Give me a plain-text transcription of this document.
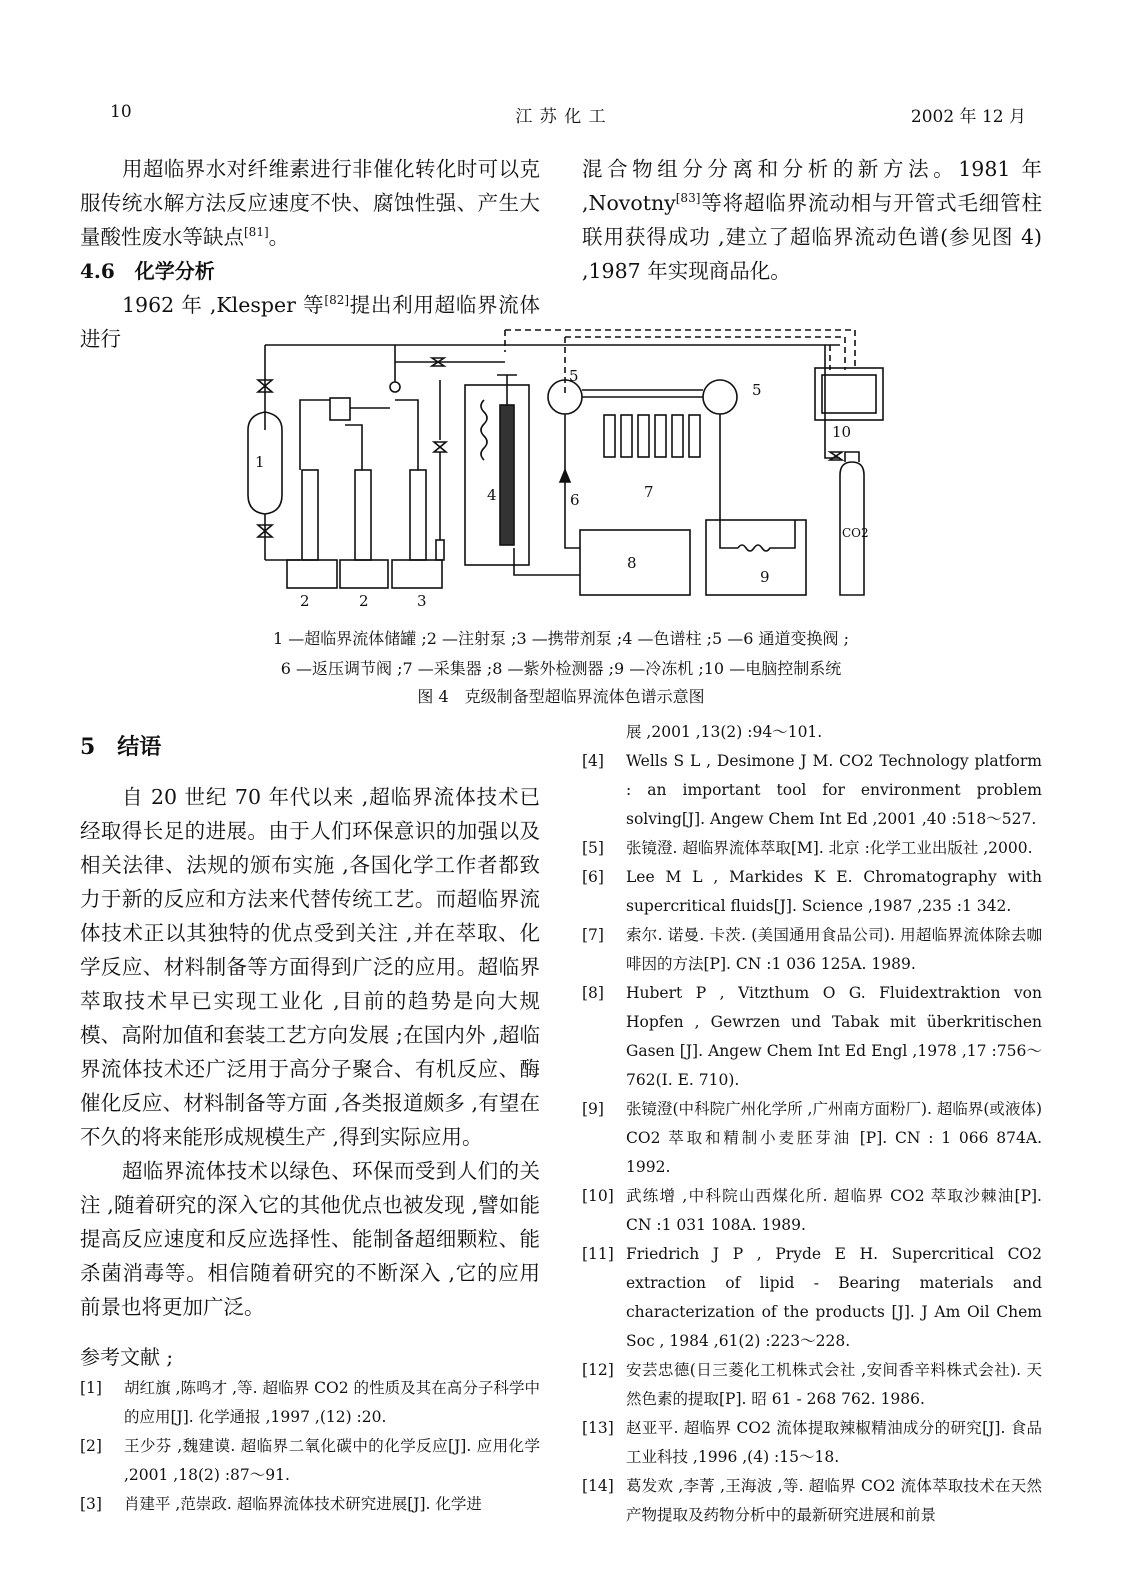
10	江 苏 化 工	2002 年 12 月

用超临界水对纤维素进行非催化转化时可以克服传统水解方法反应速度不快、腐蚀性强、产生大量酸性废水等缺点[81]。

4.6　化学分析

1962 年 ,Klesper 等[82]提出利用超临界流体进行

混合物组分分离和分析的新方法。1981 年 ,Novotny[83]等将超临界流动相与开管式毛细管柱联用获得成功 ,建立了超临界流动色谱(参见图 4) ,1987 年实现商品化。

1
2	2	3
4
5
5
6	7
8
9
10
CO2
1 —超临界流体储罐 ;2 —注射泵 ;3 —携带剂泵 ;4 —色谱柱 ;5 —6 通道变换阀 ;
6 —返压调节阀 ;7 —采集器 ;8 —紫外检测器 ;9 —冷冻机 ;10 —电脑控制系统
图 4　克级制备型超临界流体色谱示意图

5　结语

自 20 世纪 70 年代以来 ,超临界流体技术已经取得长足的进展。由于人们环保意识的加强以及相关法律、法规的颁布实施 ,各国化学工作者都致力于新的反应和方法来代替传统工艺。而超临界流体技术正以其独特的优点受到关注 ,并在萃取、化学反应、材料制备等方面得到广泛的应用。超临界萃取技术早已实现工业化 ,目前的趋势是向大规模、高附加值和套装工艺方向发展 ;在国内外 ,超临界流体技术还广泛用于高分子聚合、有机反应、酶催化反应、材料制备等方面 ,各类报道颇多 ,有望在不久的将来能形成规模生产 ,得到实际应用。

超临界流体技术以绿色、环保而受到人们的关注 ,随着研究的深入它的其他优点也被发现 ,譬如能提高反应速度和反应选择性、能制备超细颗粒、能杀菌消毒等。相信随着研究的不断深入 ,它的应用前景也将更加广泛。

参考文献 ;

[1]	胡红旗 ,陈鸣才 ,等. 超临界 CO2 的性质及其在高分子科学中的应用[J]. 化学通报 ,1997 ,(12) :20.
[2]	王少芬 ,魏建谟. 超临界二氧化碳中的化学反应[J]. 应用化学 ,2001 ,18(2) :87～91.
[3]	肖建平 ,范崇政. 超临界流体技术研究进展[J]. 化学进
展 ,2001 ,13(2) :94～101.
[4]	Wells S L , Desimone J M. CO2 Technology platform : an important tool for environment problem solving[J]. Angew Chem Int Ed ,2001 ,40 :518～527.
[5]	张镜澄. 超临界流体萃取[M]. 北京 :化学工业出版社 ,2000.
[6]	Lee M L , Markides K E. Chromatography with supercritical fluids[J]. Science ,1987 ,235 :1 342.
[7]	索尔. 诺曼. 卡茨. (美国通用食品公司). 用超临界流体除去咖啡因的方法[P]. CN :1 036 125A. 1989.
[8]	Hubert P , Vitzthum O G. Fluidextraktion von Hopfen , Gewrzen und Tabak mit überkritischen Gasen [J]. Angew Chem Int Ed Engl ,1978 ,17 :756～762(I. E. 710).
[9]	张镜澄(中科院广州化学所 ,广州南方面粉厂). 超临界(或液体) CO2 萃取和精制小麦胚芽油 [P]. CN : 1 066 874A. 1992.
[10] 武练增 ,中科院山西煤化所. 超临界 CO2 萃取沙棘油[P]. CN :1 031 108A. 1989.
[11] Friedrich J P , Pryde E H. Supercritical CO2 extraction of lipid - Bearing materials and characterization of the products [J]. J Am Oil Chem Soc , 1984 ,61(2) :223～228.
[12] 安芸忠德(日三菱化工机株式会社 ,安间香辛料株式会社). 天然色素的提取[P]. 昭 61 - 268 762. 1986.
[13] 赵亚平. 超临界 CO2 流体提取辣椒精油成分的研究[J]. 食品工业科技 ,1996 ,(4) :15～18.
[14] 葛发欢 ,李菁 ,王海波 ,等. 超临界 CO2 流体萃取技术在天然产物提取及药物分析中的最新研究进展和前景
